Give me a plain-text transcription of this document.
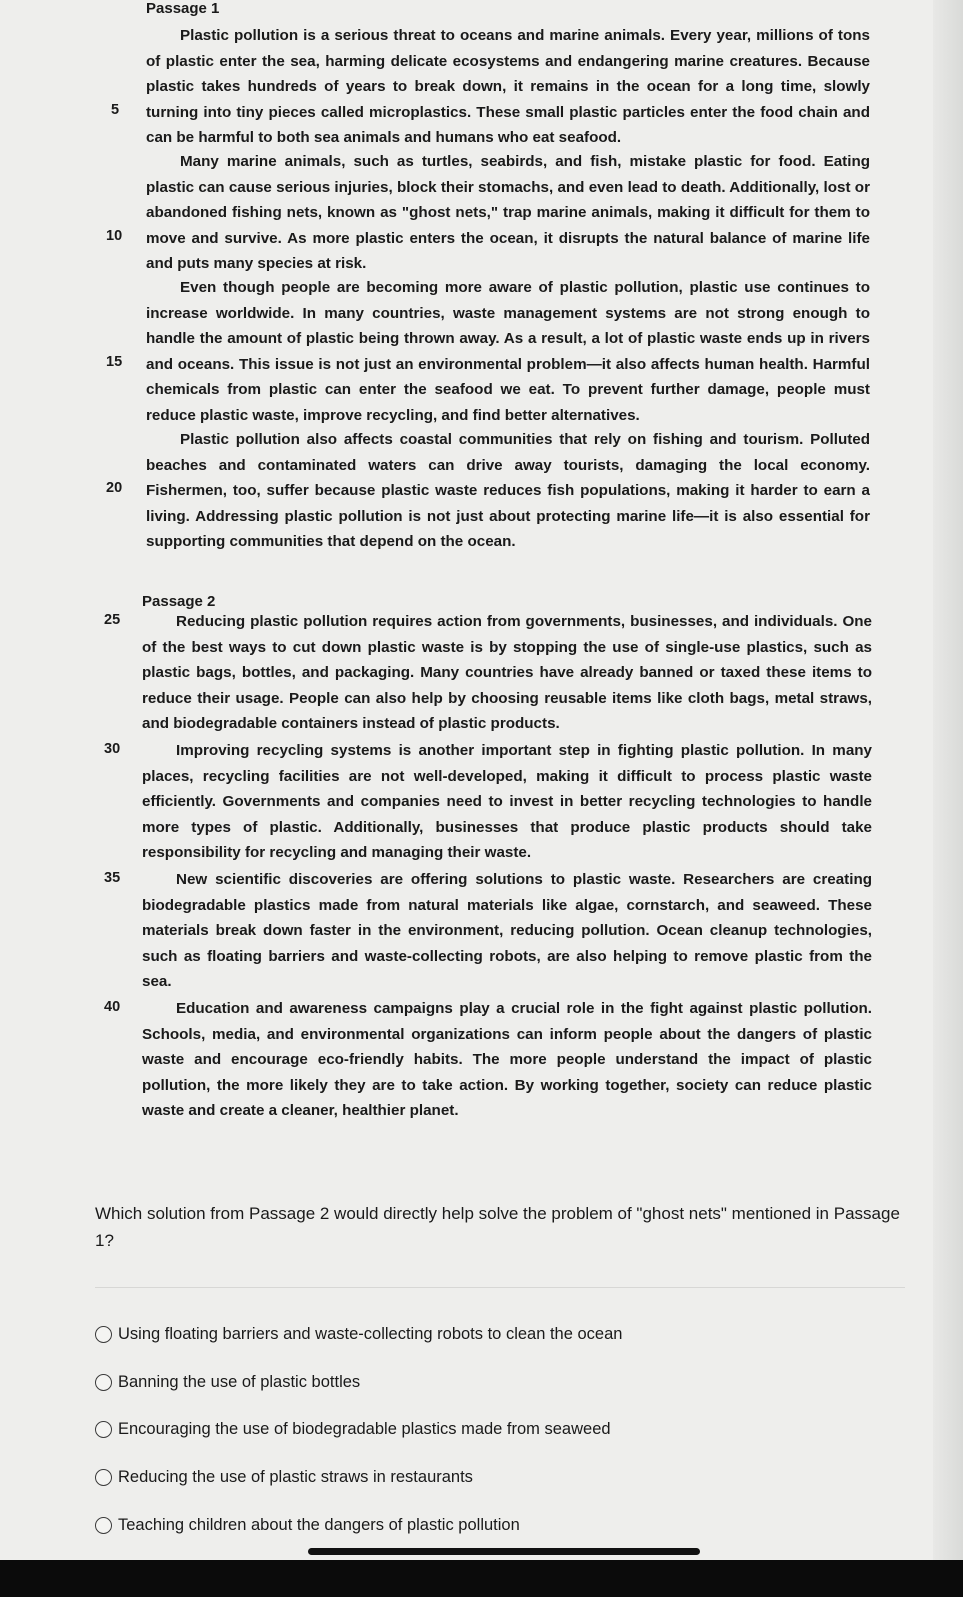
Passage 1

Plastic pollution is a serious threat to oceans and marine animals. Every year, millions of tons of plastic enter the sea, harming delicate ecosystems and endangering marine creatures. Because plastic takes hundreds of years to break down, it remains in the ocean for a long time, slowly turning into tiny pieces called microplastics. These small plastic particles enter the food chain and can be harmful to both sea animals and humans who eat seafood.

Many marine animals, such as turtles, seabirds, and fish, mistake plastic for food. Eating plastic can cause serious injuries, block their stomachs, and even lead to death. Additionally, lost or abandoned fishing nets, known as "ghost nets," trap marine animals, making it difficult for them to move and survive. As more plastic enters the ocean, it disrupts the natural balance of marine life and puts many species at risk.

Even though people are becoming more aware of plastic pollution, plastic use continues to increase worldwide. In many countries, waste management systems are not strong enough to handle the amount of plastic being thrown away. As a result, a lot of plastic waste ends up in rivers and oceans. This issue is not just an environmental problem—it also affects human health. Harmful chemicals from plastic can enter the seafood we eat. To prevent further damage, people must reduce plastic waste, improve recycling, and find better alternatives.

Plastic pollution also affects coastal communities that rely on fishing and tourism. Polluted beaches and contaminated waters can drive away tourists, damaging the local economy. Fishermen, too, suffer because plastic waste reduces fish populations, making it harder to earn a living. Addressing plastic pollution is not just about protecting marine life—it is also essential for supporting communities that depend on the ocean.

Passage 2

Reducing plastic pollution requires action from governments, businesses, and individuals. One of the best ways to cut down plastic waste is by stopping the use of single-use plastics, such as plastic bags, bottles, and packaging. Many countries have already banned or taxed these items to reduce their usage. People can also help by choosing reusable items like cloth bags, metal straws, and biodegradable containers instead of plastic products.

Improving recycling systems is another important step in fighting plastic pollution. In many places, recycling facilities are not well-developed, making it difficult to process plastic waste efficiently. Governments and companies need to invest in better recycling technologies to handle more types of plastic. Additionally, businesses that produce plastic products should take responsibility for recycling and managing their waste.

New scientific discoveries are offering solutions to plastic waste. Researchers are creating biodegradable plastics made from natural materials like algae, cornstarch, and seaweed. These materials break down faster in the environment, reducing pollution. Ocean cleanup technologies, such as floating barriers and waste-collecting robots, are also helping to remove plastic from the sea.

Education and awareness campaigns play a crucial role in the fight against plastic pollution. Schools, media, and environmental organizations can inform people about the dangers of plastic waste and encourage eco-friendly habits. The more people understand the impact of plastic pollution, the more likely they are to take action. By working together, society can reduce plastic waste and create a cleaner, healthier planet.

5
10
15
20
25
30
35
40

Which solution from Passage 2 would directly help solve the problem of "ghost nets" mentioned in Passage 1?

Using floating barriers and waste-collecting robots to clean the ocean
Banning the use of plastic bottles
Encouraging the use of biodegradable plastics made from seaweed
Reducing the use of plastic straws in restaurants
Teaching children about the dangers of plastic pollution
